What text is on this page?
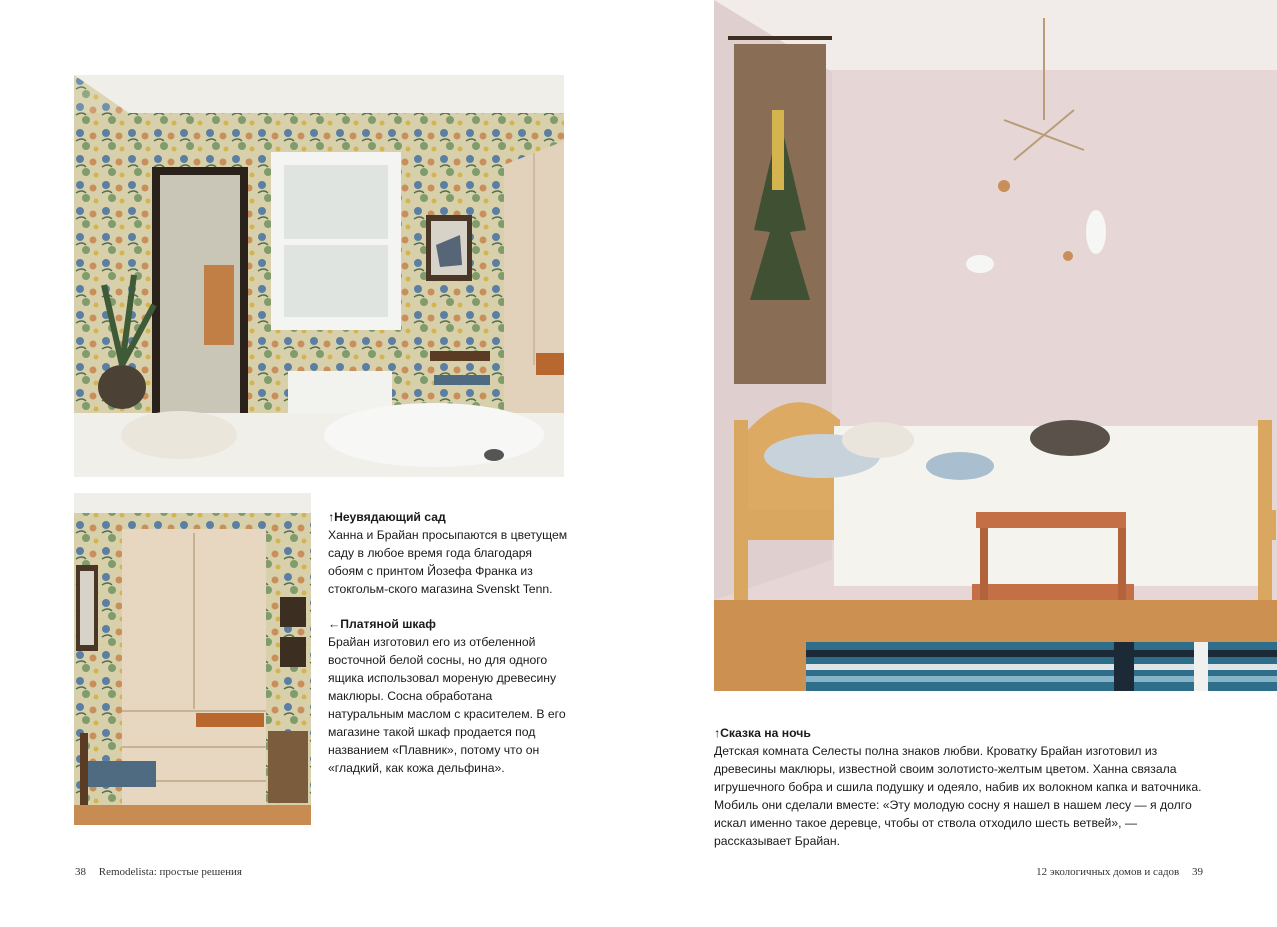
↑Неувядающий сад
Ханна и Брайан просыпаются в цветущем саду в любое время года благодаря обоям с принтом Йозефа Франка из стокгольм-ского магазина Svenskt Tenn.
←Платяной шкаф
Брайан изготовил его из отбеленной восточной белой сосны, но для одного ящика использовал мореную древесину маклюры. Сосна обработана натуральным маслом с красителем. В его магазине такой шкаф продается под названием «Плавник», потому что он «гладкий, как кожа дельфина».
↑Сказка на ночь
Детская комната Селесты полна знаков любви. Кроватку Брайан изготовил из древесины маклюры, известной своим золотисто-желтым цветом. Ханна связала игрушечного бобра и сшила подушку и одеяло, набив их волокном капка и ваточника. Мобиль они сделали вместе: «Эту молодую сосну я нашел в нашем лесу — я долго искал именно такое деревце, чтобы от ствола отходило шесть ветвей», — рассказывает Брайан.
38 Remodelista: простые решения	12 экологичных домов и садов 39
